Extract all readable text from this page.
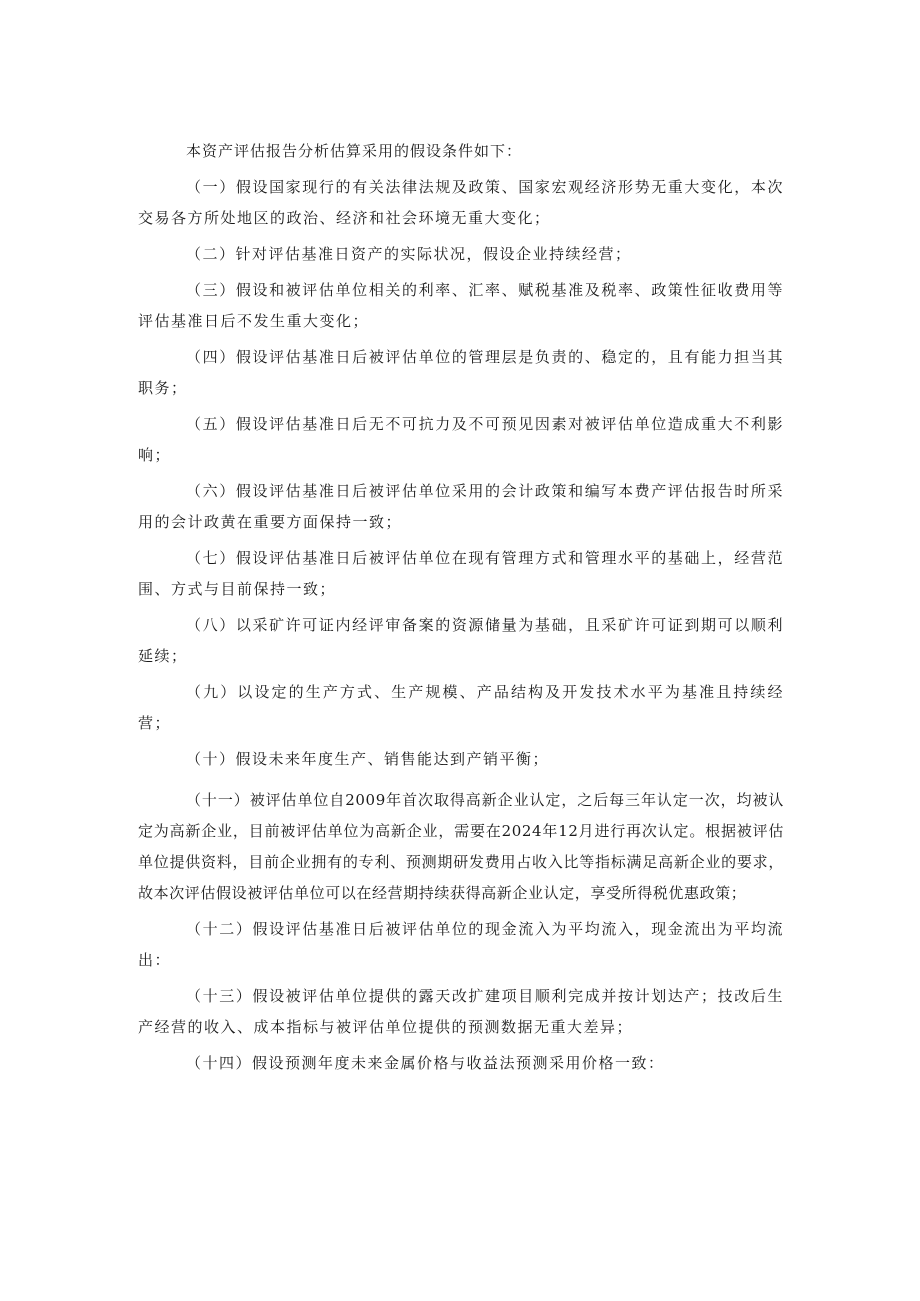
本资产评估报告分析估算采用的假设条件如下：

（一）假设国家现行的有关法律法规及政策、国家宏观经济形势无重大变化，本次交易各方所处地区的政治、经济和社会环境无重大变化；

（二）针对评估基准日资产的实际状况，假设企业持续经营；

（三）假设和被评估单位相关的利率、汇率、赋税基准及税率、政策性征收费用等评估基准日后不发生重大变化；

（四）假设评估基准日后被评估单位的管理层是负责的、稳定的，且有能力担当其职务；

（五）假设评估基准日后无不可抗力及不可预见因素对被评估单位造成重大不利影响；

（六）假设评估基准日后被评估单位采用的会计政策和编写本费产评估报告时所采用的会计政黄在重要方面保持一致；

（七）假设评估基准日后被评估单位在现有管理方式和管理水平的基础上，经营范围、方式与目前保持一致；

（八）以采矿许可证内经评审备案的资源储量为基础，且采矿许可证到期可以顺利延续；

（九）以设定的生产方式、生产规模、产品结构及开发技术水平为基准且持续经营；

（十）假设未来年度生产、销售能达到产销平衡；

（十一）被评估单位自2009年首次取得高新企业认定，之后每三年认定一次，均被认定为高新企业，目前被评估单位为高新企业，需要在2024年12月进行再次认定。根据被评估单位提供资料，目前企业拥有的专利、预测期研发费用占收入比等指标满足高新企业的要求，故本次评估假设被评估单位可以在经营期持续获得高新企业认定，享受所得税优惠政策；

（十二）假设评估基准日后被评估单位的现金流入为平均流入，现金流出为平均流出：

（十三）假设被评估单位提供的露天改扩建项目顺利完成并按计划达产；技改后生产经营的收入、成本指标与被评估单位提供的预测数据无重大差异；

（十四）假设预测年度未来金属价格与收益法预测采用价格一致：
